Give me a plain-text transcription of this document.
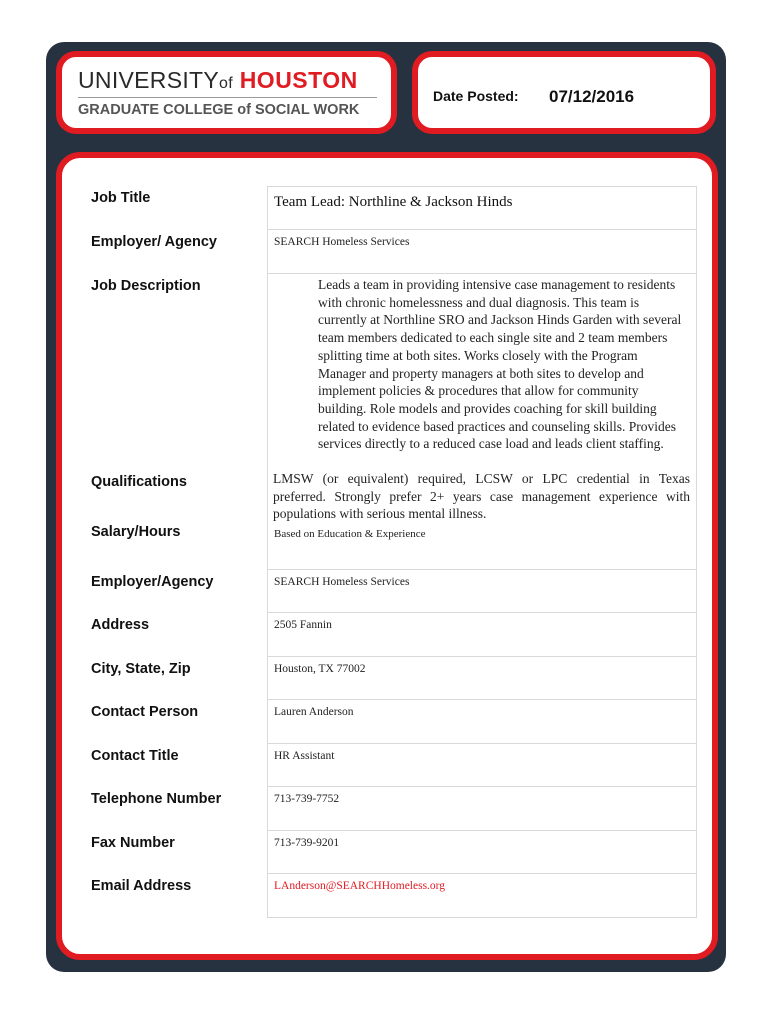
UNIVERSITYof HOUSTON
GRADUATE COLLEGE of SOCIAL WORK
Date Posted: 07/12/2016
Job Title	Team Lead: Northline & Jackson Hinds
Employer/ Agency	SEARCH Homeless Services
Job Description	Leads a team in providing intensive case management to residents with chronic homelessness and dual diagnosis. This team is currently at Northline SRO and Jackson Hinds Garden with several team members dedicated to each single site and 2 team members splitting time at both sites. Works closely with the Program Manager and property managers at both sites to develop and implement policies & procedures that allow for community building. Role models and provides coaching for skill building related to evidence based practices and counseling skills. Provides services directly to a reduced case load and leads client staffing.
Qualifications	LMSW (or equivalent) required, LCSW or LPC credential in Texas preferred. Strongly prefer 2+ years case management experience with populations with serious mental illness.
Salary/Hours	Based on Education & Experience
Employer/Agency	SEARCH Homeless Services
Address	2505 Fannin
City, State, Zip	Houston, TX 77002
Contact Person	Lauren Anderson
Contact Title	HR Assistant
Telephone Number	713-739-7752
Fax Number	713-739-9201
Email Address	LAnderson@SEARCHHomeless.org
